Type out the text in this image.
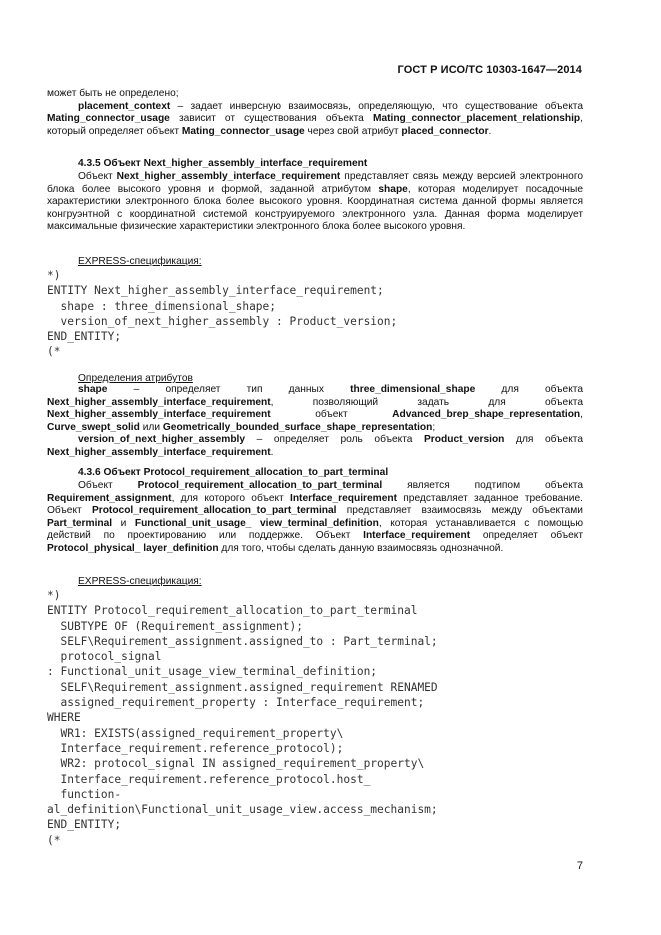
ГОСТ Р ИСО/ТС 10303-1647—2014

может быть не определено;

placement_context – задает инверсную взаимосвязь, определяющую, что существование объекта Mating_connector_usage зависит от существования объекта Mating_connector_placement_relationship, который определяет объект Mating_connector_usage через свой атрибут placed_connector.

4.3.5 Объект Next_higher_assembly_interface_requirement

Объект Next_higher_assembly_interface_requirement представляет связь между версией электронного блока более высокого уровня и формой, заданной атрибутом shape, которая моделирует посадочные характеристики электронного блока более высокого уровня. Координатная система данной формы является конгруэнтной с координатной системой конструируемого электронного узла. Данная форма моделирует максимальные физические характеристики электронного блока более высокого уровня.

EXPRESS-спецификация:
*)
ENTITY Next_higher_assembly_interface_requirement;
shape : three_dimensional_shape;
version_of_next_higher_assembly : Product_version;
END_ENTITY;
(*
Определения атрибутов

shape – определяет тип данных three_dimensional_shape для объекта Next_higher_assembly_interface_requirement, позволяющий задать для объекта Next_higher_assembly_interface_requirement объект Advanced_brep_shape_representation, Curve_swept_solid или Geometrically_bounded_surface_shape_representation;

version_of_next_higher_assembly – определяет роль объекта Product_version для объекта Next_higher_assembly_interface_requirement.

4.3.6 Объект Protocol_requirement_allocation_to_part_terminal

Объект Protocol_requirement_allocation_to_part_terminal является подтипом объекта Requirement_assignment, для которого объект Interface_requirement представляет заданное требование. Объект Protocol_requirement_allocation_to_part_terminal представляет взаимосвязь между объектами Part_terminal и Functional_unit_usage_ view_terminal_definition, которая устанавливается с помощью действий по проектированию или поддержке. Объект Interface_requirement определяет объект Protocol_physical_ layer_definition для того, чтобы сделать данную взаимосвязь однозначной.

EXPRESS-спецификация:
*)
ENTITY Protocol_requirement_allocation_to_part_terminal
SUBTYPE OF (Requirement_assignment);
SELF\Requirement_assignment.assigned_to : Part_terminal;
protocol_signal
: Functional_unit_usage_view_terminal_definition;
SELF\Requirement_assignment.assigned_requirement RENAMED
assigned_requirement_property : Interface_requirement;
WHERE
WR1: EXISTS(assigned_requirement_property\
Interface_requirement.reference_protocol);
WR2: protocol_signal IN assigned_requirement_property\
Interface_requirement.reference_protocol.host_
function-
al_definition\Functional_unit_usage_view.access_mechanism;
END_ENTITY;
(*
7
